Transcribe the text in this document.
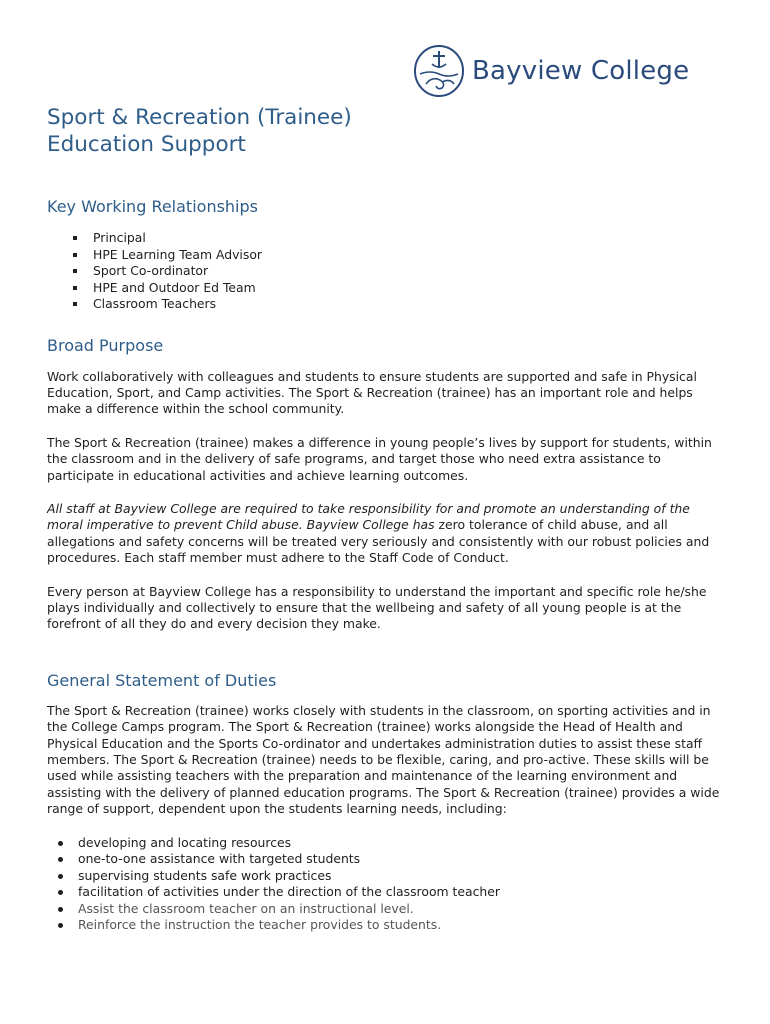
Bayview College
Sport & Recreation (Trainee)
Education Support
Key Working Relationships
Principal
HPE Learning Team Advisor
Sport Co-ordinator
HPE and Outdoor Ed Team
Classroom Teachers
Broad Purpose

Work collaboratively with colleagues and students to ensure students are supported and safe in Physical Education, Sport, and Camp activities. The Sport & Recreation (trainee) has an important role and helps make a difference within the school community.

The Sport & Recreation (trainee) makes a difference in young people’s lives by support for students, within the classroom and in the delivery of safe programs, and target those who need extra assistance to participate in educational activities and achieve learning outcomes.

All staff at Bayview College are required to take responsibility for and promote an understanding of the moral imperative to prevent Child abuse. Bayview College has zero tolerance of child abuse, and all allegations and safety concerns will be treated very seriously and consistently with our robust policies and procedures. Each staff member must adhere to the Staff Code of Conduct.

Every person at Bayview College has a responsibility to understand the important and specific role he/she plays individually and collectively to ensure that the wellbeing and safety of all young people is at the forefront of all they do and every decision they make.

General Statement of Duties

The Sport & Recreation (trainee) works closely with students in the classroom, on sporting activities and in the College Camps program. The Sport & Recreation (trainee) works alongside the Head of Health and Physical Education and the Sports Co-ordinator and undertakes administration duties to assist these staff members. The Sport & Recreation (trainee) needs to be flexible, caring, and pro-active. These skills will be used while assisting teachers with the preparation and maintenance of the learning environment and assisting with the delivery of planned education programs. The Sport & Recreation (trainee) provides a wide range of support, dependent upon the students learning needs, including:

developing and locating resources
one-to-one assistance with targeted students
supervising students safe work practices
facilitation of activities under the direction of the classroom teacher
Assist the classroom teacher on an instructional level.
Reinforce the instruction the teacher provides to students.
